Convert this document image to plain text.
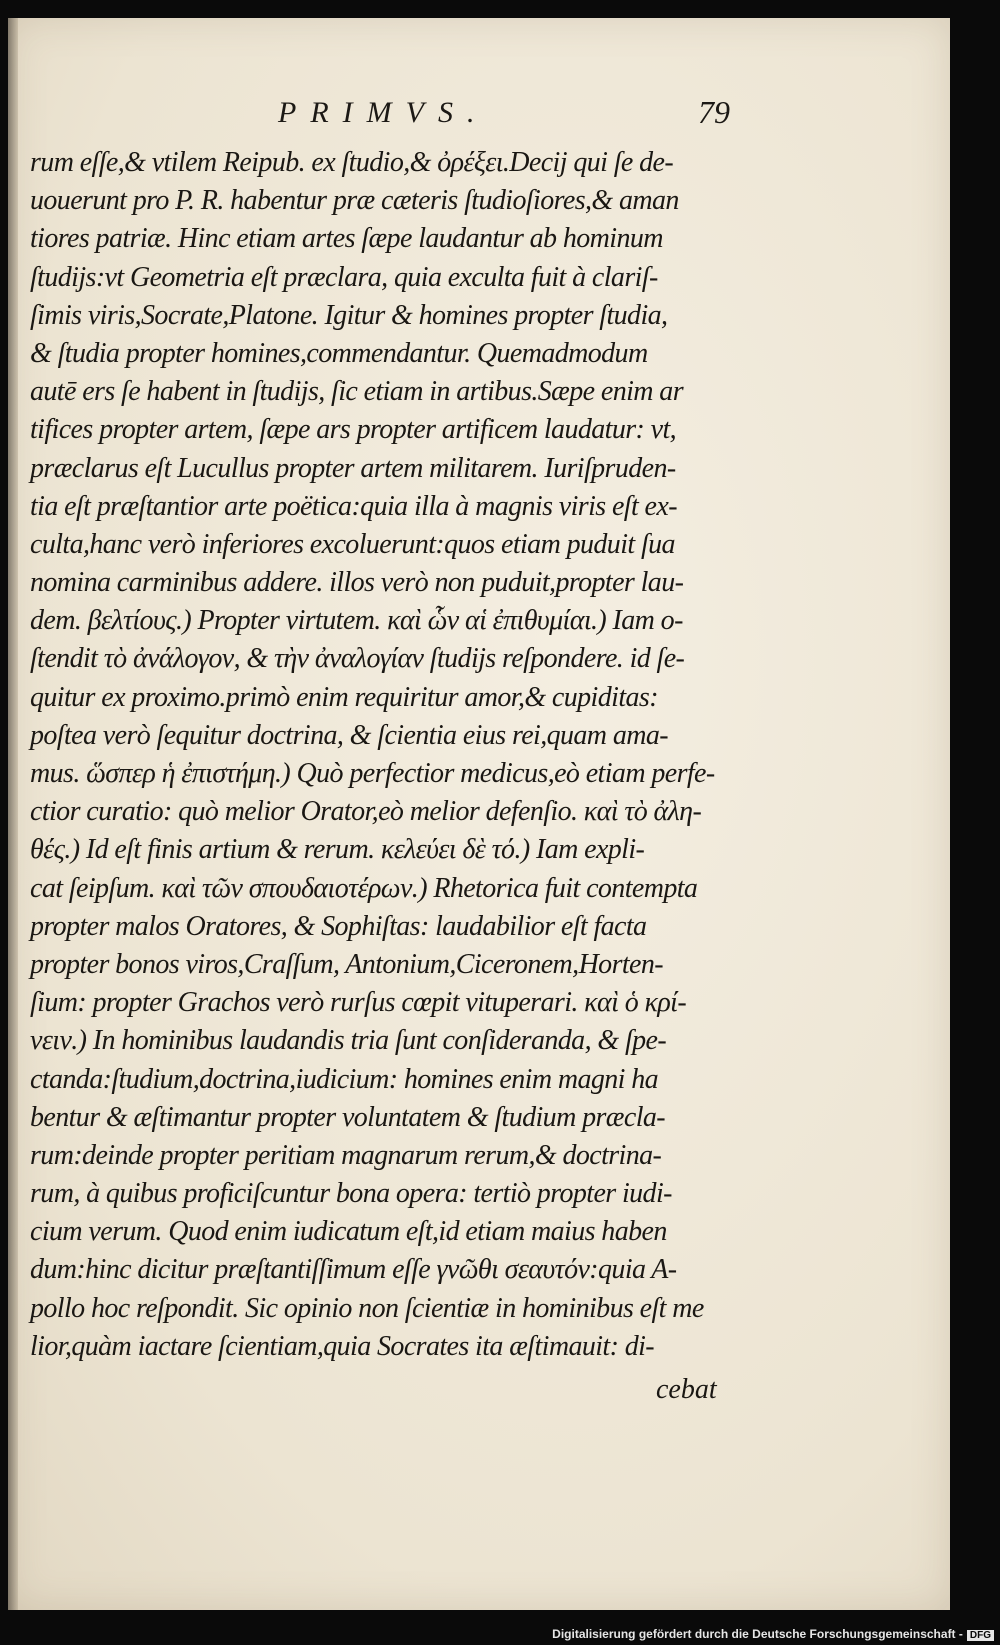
PRIMVS.	79
rum eſſe,& vtilem Reipub. ex ſtudio,& ὀρέξει.Decij qui ſe de-
uouerunt pro P. R. habentur præ cæteris ſtudioſiores,& aman
tiores patriæ. Hinc etiam artes ſæpe laudantur ab hominum
ſtudijs:vt Geometria eſt præclara, quia exculta fuit à clariſ-
ſimis viris,Socrate,Platone. Igitur & homines propter ſtudia,
& ſtudia propter homines,commendantur. Quemadmodum
autē ers ſe habent in ſtudijs, ſic etiam in artibus.Sæpe enim ar
tifices propter artem, ſæpe ars propter artificem laudatur: vt,
præclarus eſt Lucullus propter artem militarem. Iuriſpruden-
tia eſt præſtantior arte poëtica:quia illa à magnis viris eſt ex-
culta,hanc verò inferiores excoluerunt:quos etiam puduit ſua
nomina carminibus addere. illos verò non puduit,propter lau-
dem. βελτίους.) Propter virtutem. καὶ ὧν αἱ ἐπιθυμίαι.) Iam o-
ſtendit τὸ ἀνάλογον, & τὴν ἀναλογίαν ſtudijs reſpondere. id ſe-
quitur ex proximo.primò enim requiritur amor,& cupiditas:
poſtea verò ſequitur doctrina, & ſcientia eius rei,quam ama-
mus. ὥσπερ ἡ ἐπιστήμη.) Quò perfectior medicus,eò etiam perfe-
ctior curatio: quò melior Orator,eò melior defenſio. καὶ τὸ ἀλη-
θές.) Id eſt finis artium & rerum. κελεύει δὲ τό.) Iam expli-
cat ſeipſum. καὶ τῶν σπουδαιοτέρων.) Rhetorica fuit contempta
propter malos Oratores, & Sophiſtas: laudabilior eſt facta
propter bonos viros,Craſſum, Antonium,Ciceronem,Horten-
ſium: propter Grachos verò rurſus cœpit vituperari. καὶ ὁ κρί-
νειν.) In hominibus laudandis tria ſunt conſideranda, & ſpe-
ctanda:ſtudium,doctrina,iudicium: homines enim magni ha
bentur & æſtimantur propter voluntatem & ſtudium præcla-
rum:deinde propter peritiam magnarum rerum,& doctrina-
rum, à quibus proficiſcuntur bona opera: tertiò propter iudi-
cium verum. Quod enim iudicatum eſt,id etiam maius haben
dum:hinc dicitur præſtantiſſimum eſſe γνῶθι σεαυτόν:quia A-
pollo hoc reſpondit. Sic opinio non ſcientiæ in hominibus eſt me
lior,quàm iactare ſcientiam,quia Socrates ita æſtimauit: di-
cebat
Digitalisierung gefördert durch die Deutsche Forschungsgemeinschaft - DFG
